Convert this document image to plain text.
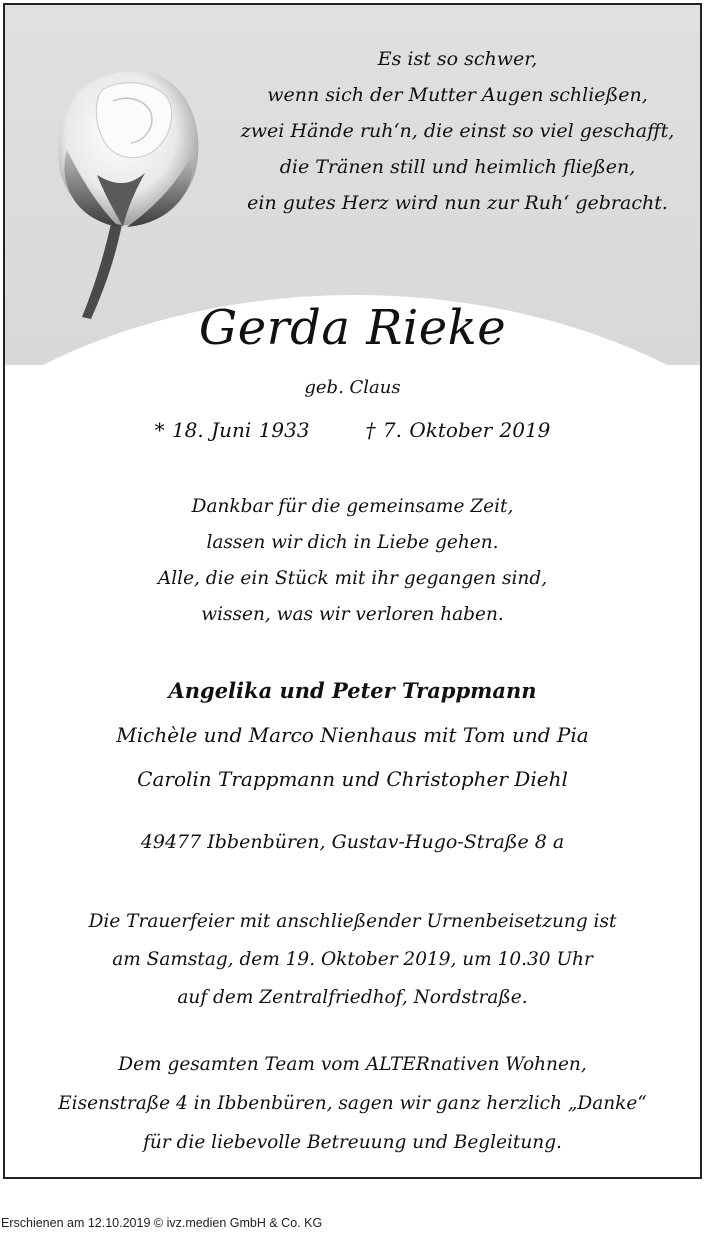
Es ist so schwer,
wenn sich der Mutter Augen schließen,
zwei Hände ruh‘n, die einst so viel geschafft,
die Tränen still und heimlich fließen,
ein gutes Herz wird nun zur Ruh‘ gebracht.
Gerda Rieke
geb. Claus
* 18. Juni 1933	† 7. Oktober 2019
Dankbar für die gemeinsame Zeit,
lassen wir dich in Liebe gehen.
Alle, die ein Stück mit ihr gegangen sind,
wissen, was wir verloren haben.
Angelika und Peter Trappmann
Michèle und Marco Nienhaus mit Tom und Pia
Carolin Trappmann und Christopher Diehl
49477 Ibbenbüren, Gustav-Hugo-Straße 8 a
Die Trauerfeier mit anschließender Urnenbeisetzung ist
am Samstag, dem 19. Oktober 2019, um 10.30 Uhr
auf dem Zentralfriedhof, Nordstraße.
Dem gesamten Team vom ALTERnativen Wohnen,
Eisenstraße 4 in Ibbenbüren, sagen wir ganz herzlich „Danke“
für die liebevolle Betreuung und Begleitung.
Erschienen am 12.10.2019 © ivz.medien GmbH & Co. KG
